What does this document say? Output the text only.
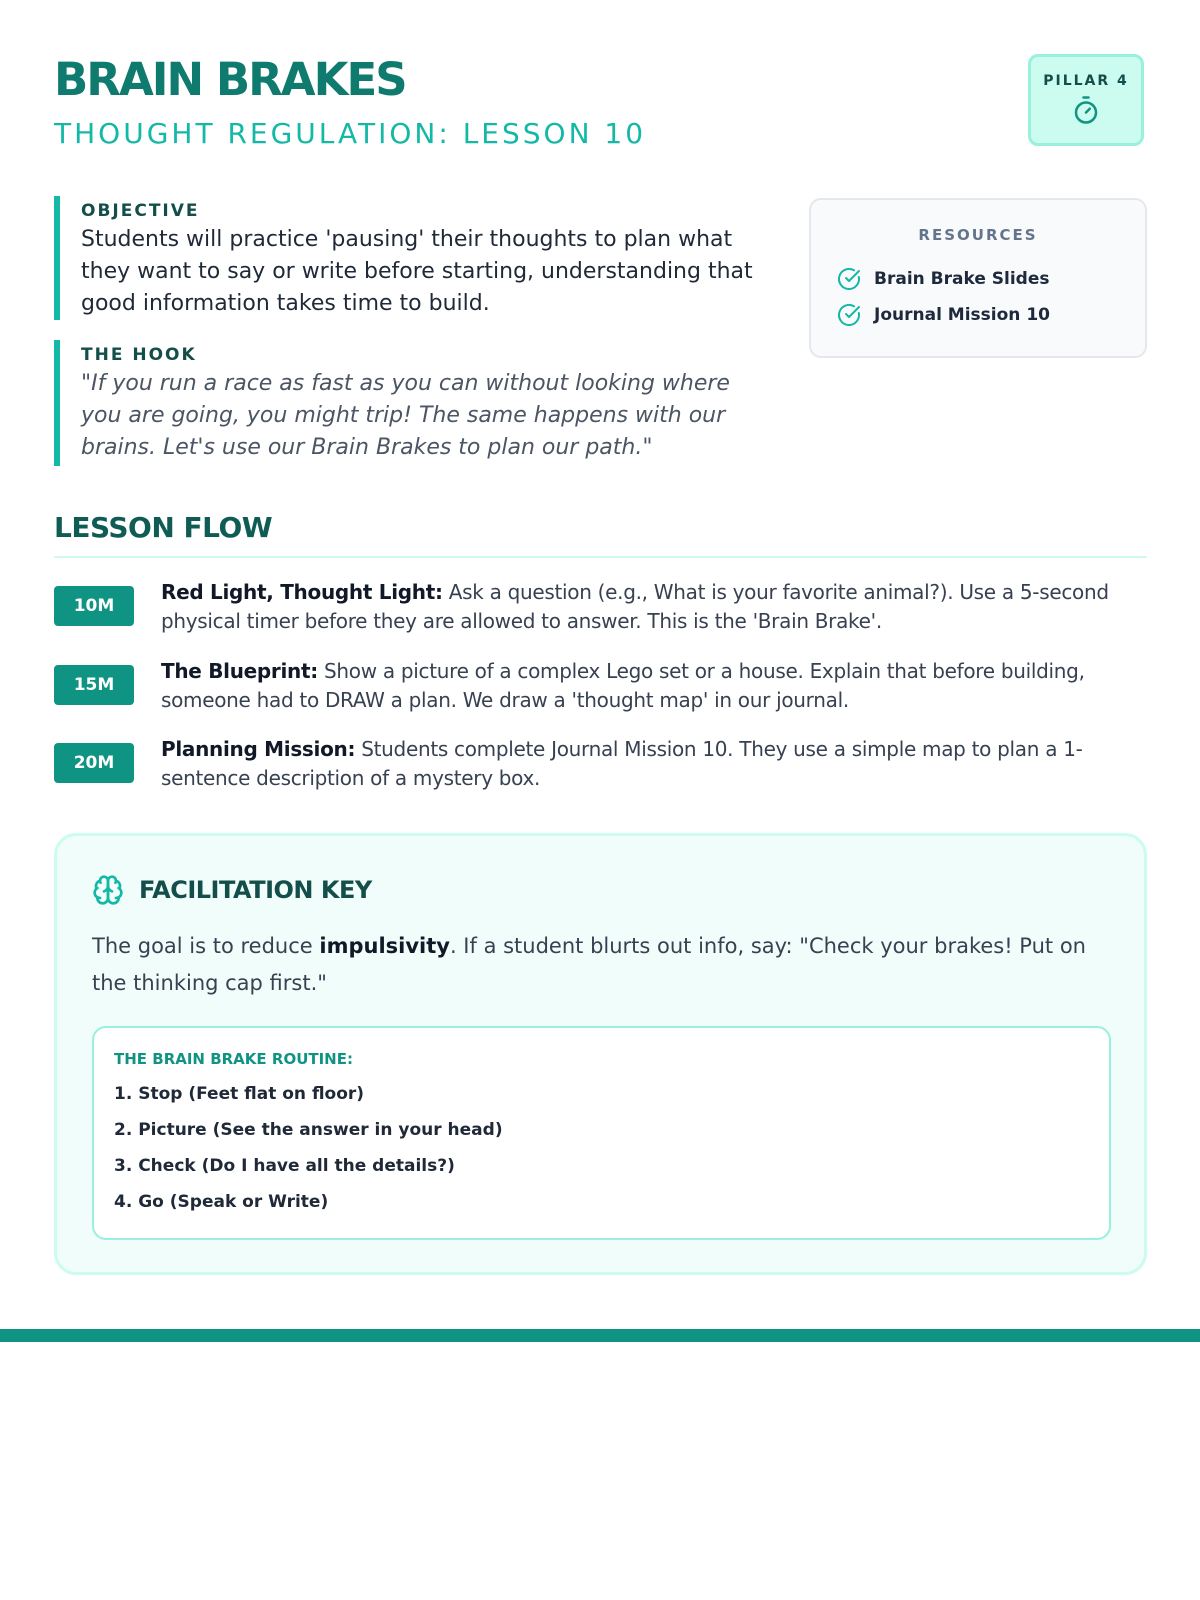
BRAIN BRAKES
THOUGHT REGULATION: LESSON 10
PILLAR 4
OBJECTIVE
Students will practice 'pausing' their thoughts to plan what they want to say or write before starting, understanding that good information takes time to build.
THE HOOK
"If you run a race as fast as you can without looking where you are going, you might trip! The same happens with our brains. Let's use our Brain Brakes to plan our path."
RESOURCES
Brain Brake Slides
Journal Mission 10
LESSON FLOW
10M
Red Light, Thought Light: Ask a question (e.g., What is your favorite animal?). Use a 5-second physical timer before they are allowed to answer. This is the 'Brain Brake'.
15M
The Blueprint: Show a picture of a complex Lego set or a house. Explain that before building, someone had to DRAW a plan. We draw a 'thought map' in our journal.
20M
Planning Mission: Students complete Journal Mission 10. They use a simple map to plan a 1-sentence description of a mystery box.
FACILITATION KEY
The goal is to reduce impulsivity. If a student blurts out info, say: "Check your brakes! Put on the thinking cap first."
THE BRAIN BRAKE ROUTINE:
1. Stop (Feet flat on floor)
2. Picture (See the answer in your head)
3. Check (Do I have all the details?)
4. Go (Speak or Write)
